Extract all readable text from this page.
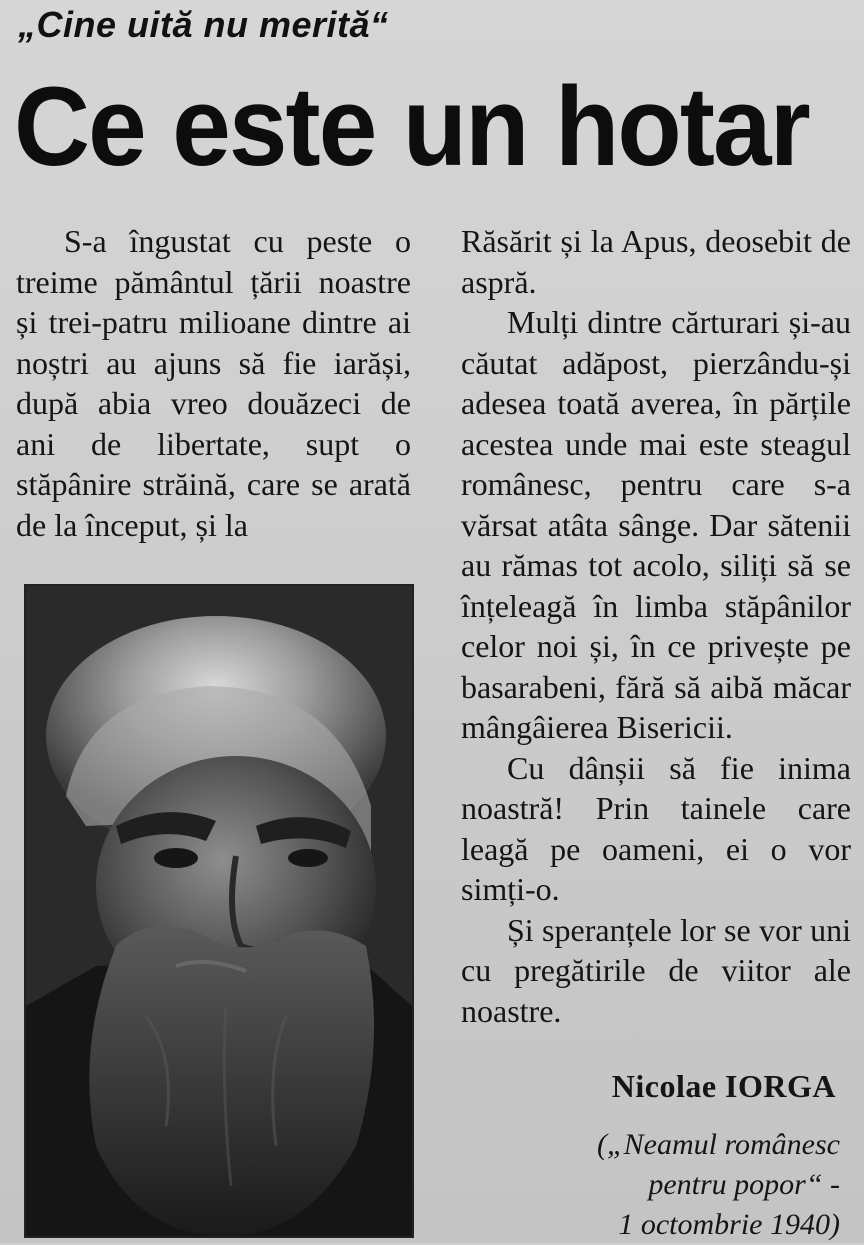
„Cine uită nu merită“
Ce este un hotar

S-a îngustat cu peste o treime pământul țării noastre și trei-patru milioane dintre ai noștri au ajuns să fie iarăși, după abia vreo douăzeci de ani de libertate, supt o stăpânire străină, care se arată de la început, și la

Răsărit și la Apus, deosebit de aspră.

Mulți dintre cărturari și-au căutat adăpost, pierzându-și adesea toată averea, în părțile acestea unde mai este steagul românesc, pentru care s-a vărsat atâta sânge. Dar sătenii au rămas tot acolo, siliți să se înțeleagă în limba stăpânilor celor noi și, în ce privește pe basarabeni, fără să aibă măcar mângâierea Bisericii.

Cu dânșii să fie inima noastră! Prin tainele care leagă pe oameni, ei o vor simți-o.

Și speranțele lor se vor uni cu pregătirile de viitor ale noastre.

Nicolae IORGA
(„Neamul românesc
pentru popor“ -
1 octombrie 1940)
